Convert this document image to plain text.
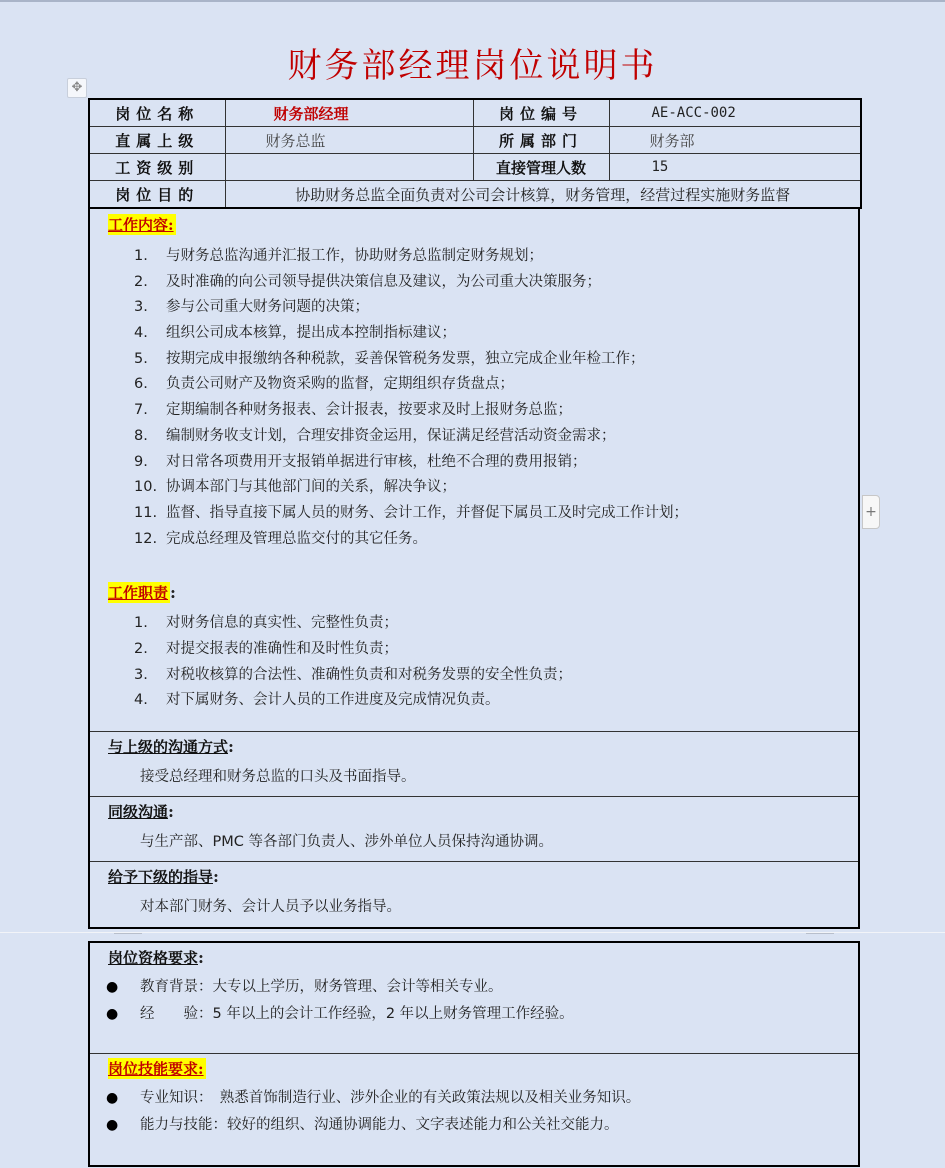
财务部经理岗位说明书
✥
+
岗位名称	财务部经理	岗位编号	AE-ACC-002
直属上级	财务总监	所属部门	财务部
工资级别		直接管理人数	15
岗位目的	协助财务总监全面负责对公司会计核算，财务管理，经营过程实施财务监督		
工作内容:
1. 与财务总监沟通并汇报工作，协助财务总监制定财务规划；
2. 及时准确的向公司领导提供决策信息及建议，为公司重大决策服务；
3. 参与公司重大财务问题的决策；
4. 组织公司成本核算，提出成本控制指标建议；
5. 按期完成申报缴纳各种税款，妥善保管税务发票，独立完成企业年检工作；
6. 负责公司财产及物资采购的监督，定期组织存货盘点；
7. 定期编制各种财务报表、会计报表，按要求及时上报财务总监；
8. 编制财务收支计划，合理安排资金运用，保证满足经营活动资金需求；
9. 对日常各项费用开支报销单据进行审核，杜绝不合理的费用报销；
10. 协调本部门与其他部门间的关系，解决争议；
11. 监督、指导直接下属人员的财务、会计工作，并督促下属员工及时完成工作计划；
12. 完成总经理及管理总监交付的其它任务。
工作职责 :
1. 对财务信息的真实性、完整性负责；
2. 对提交报表的准确性和及时性负责；
3. 对税收核算的合法性、准确性负责和对税务发票的安全性负责；
4. 对下属财务、会计人员的工作进度及完成情况负责。
与上级的沟通方式:
接受总经理和财务总监的口头及书面指导。
同级沟通:
与生产部、PMC 等各部门负责人、涉外单位人员保持沟通协调。
给予下级的指导:
对本部门财务、会计人员予以业务指导。
岗位资格要求:
● 教育背景：大专以上学历，财务管理、会计等相关专业。
● 经　　验：5 年以上的会计工作经验，2 年以上财务管理工作经验。
岗位技能要求:
● 专业知识：　熟悉首饰制造行业、涉外企业的有关政策法规以及相关业务知识。
● 能力与技能：较好的组织、沟通协调能力、文字表述能力和公关社交能力。
